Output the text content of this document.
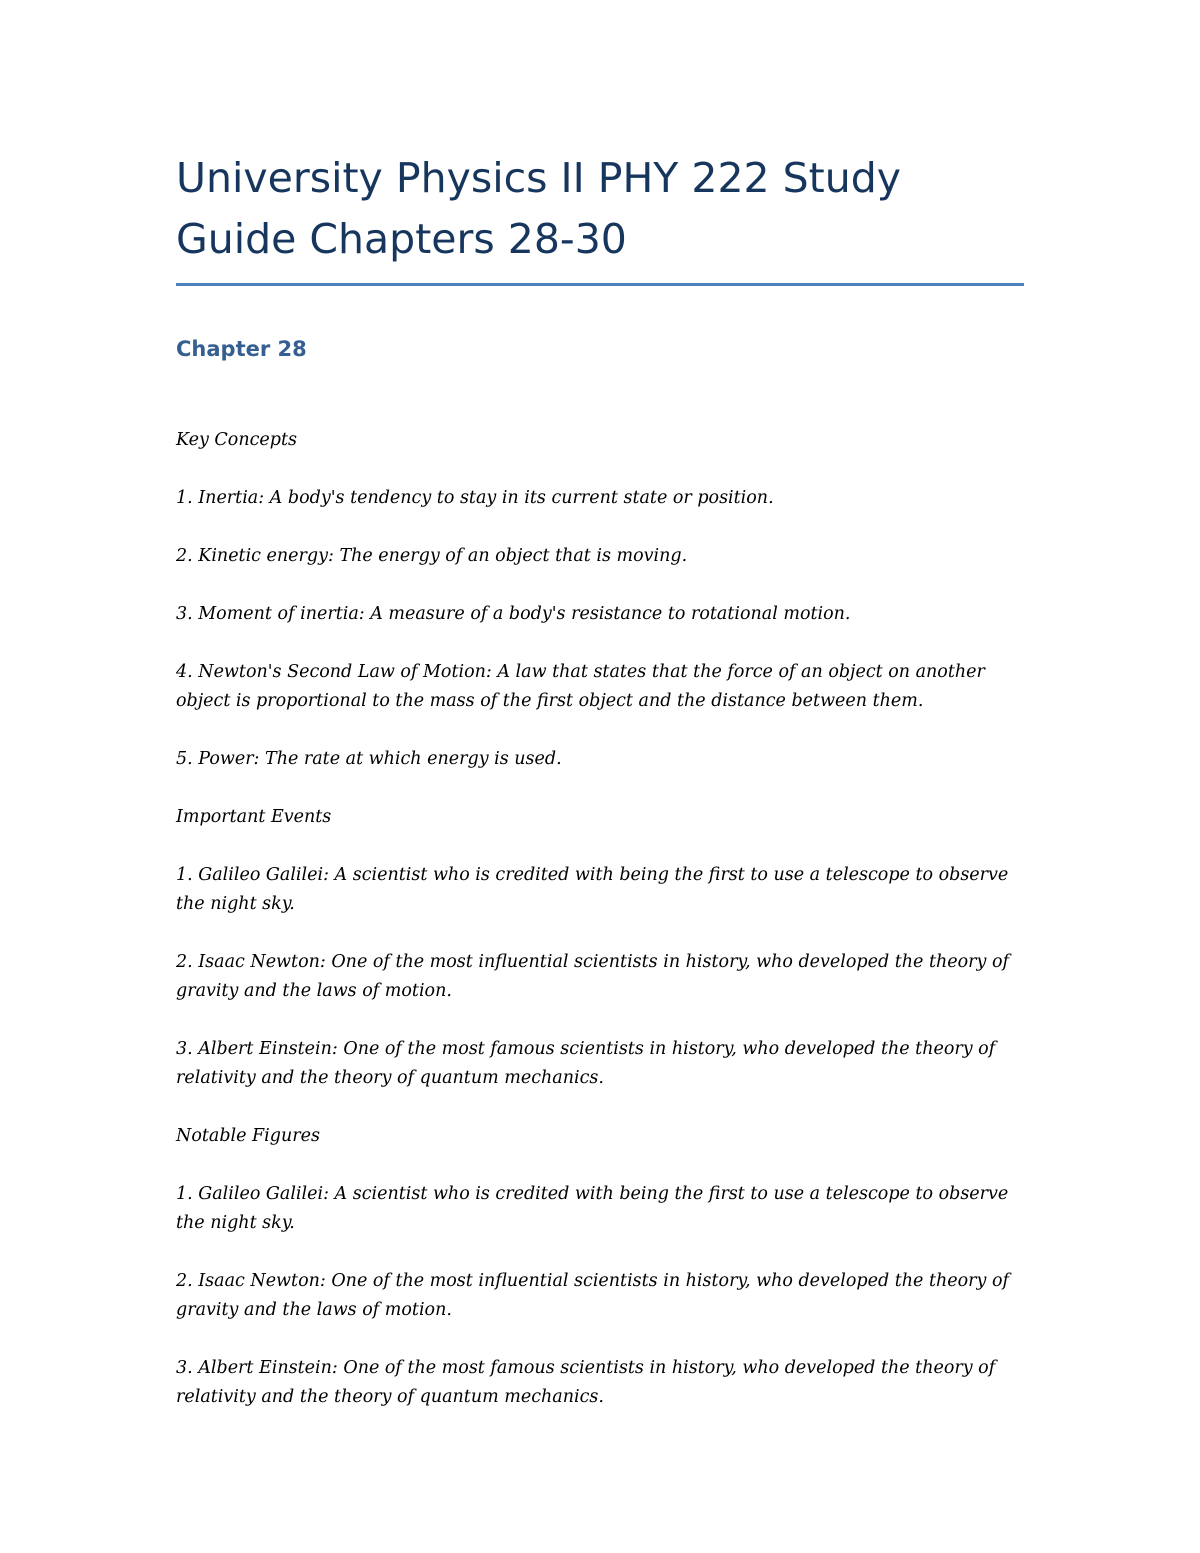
University Physics II PHY 222 Study Guide Chapters 28-30
Chapter 28

Key Concepts

1. Inertia: A body's tendency to stay in its current state or position.

2. Kinetic energy: The energy of an object that is moving.

3. Moment of inertia: A measure of a body's resistance to rotational motion.

4. Newton's Second Law of Motion: A law that states that the force of an object on another object is proportional to the mass of the first object and the distance between them.

5. Power: The rate at which energy is used.

Important Events

1. Galileo Galilei: A scientist who is credited with being the first to use a telescope to observe the night sky.

2. Isaac Newton: One of the most influential scientists in history, who developed the theory of gravity and the laws of motion.

3. Albert Einstein: One of the most famous scientists in history, who developed the theory of relativity and the theory of quantum mechanics.

Notable Figures

1. Galileo Galilei: A scientist who is credited with being the first to use a telescope to observe the night sky.

2. Isaac Newton: One of the most influential scientists in history, who developed the theory of gravity and the laws of motion.

3. Albert Einstein: One of the most famous scientists in history, who developed the theory of relativity and the theory of quantum mechanics.
